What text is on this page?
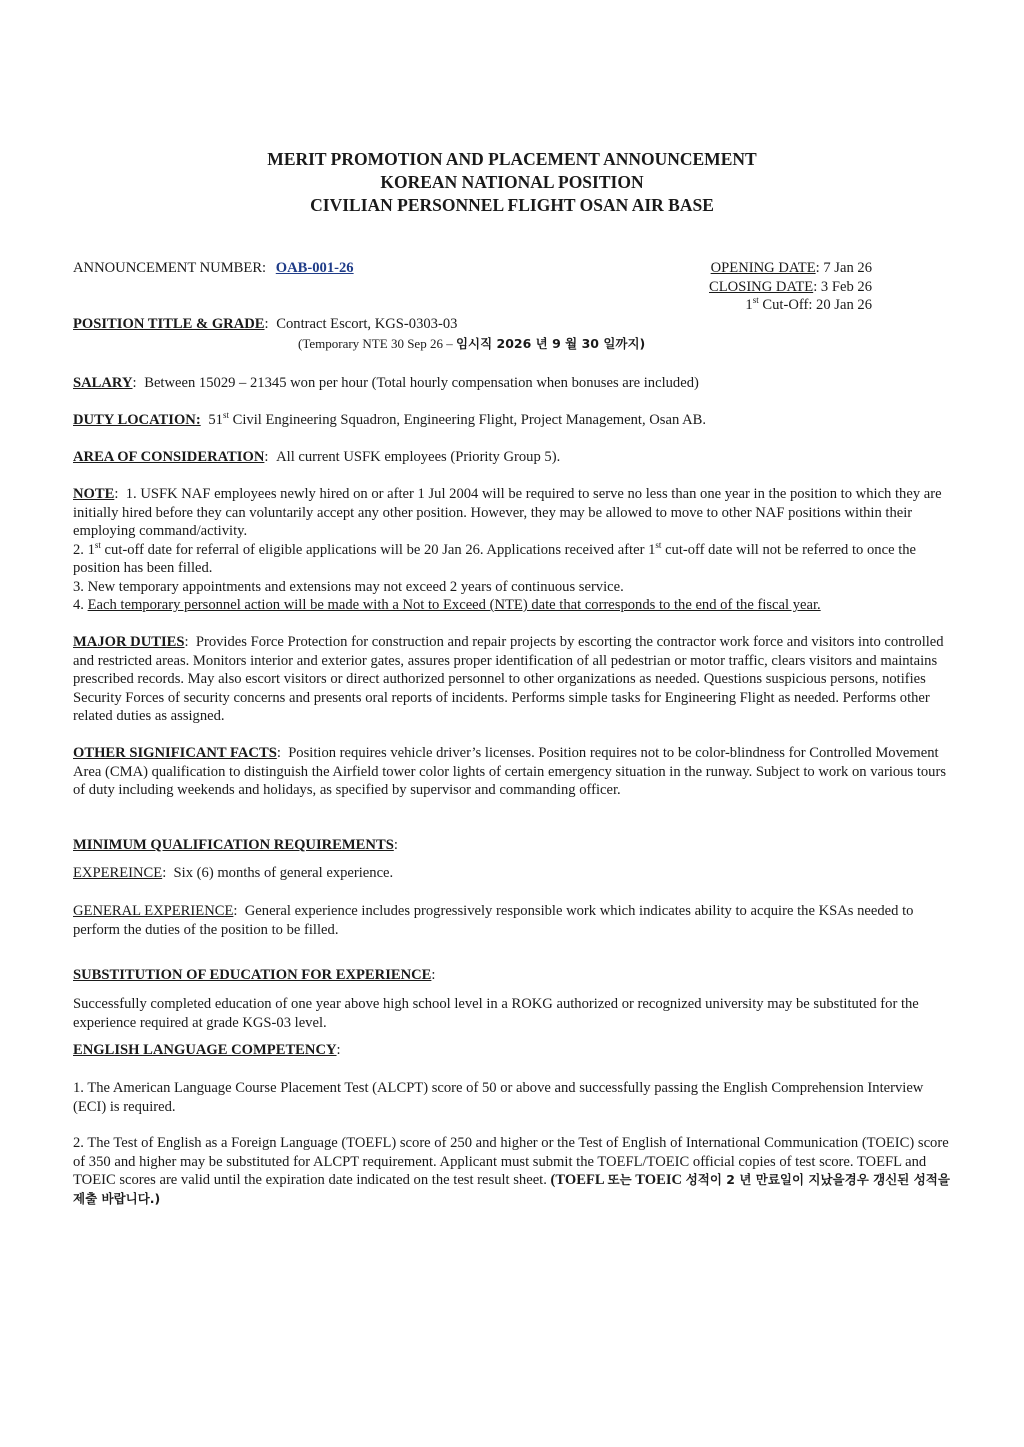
MERIT PROMOTION AND PLACEMENT ANNOUNCEMENT
KOREAN NATIONAL POSITION
CIVILIAN PERSONNEL FLIGHT OSAN AIR BASE
ANNOUNCEMENT NUMBER: OAB-001-26	OPENING DATE: 7 Jan 26
CLOSING DATE: 3 Feb 26
1st Cut-Off: 20 Jan 26
POSITION TITLE & GRADE: Contract Escort, KGS-0303-03
(Temporary NTE 30 Sep 26 – 임시직 2026 년 9 월 30 일까지)
SALARY: Between 15029 – 21345 won per hour (Total hourly compensation when bonuses are included)
DUTY LOCATION: 51st Civil Engineering Squadron, Engineering Flight, Project Management, Osan AB.
AREA OF CONSIDERATION: All current USFK employees (Priority Group 5).

NOTE:  1. USFK NAF employees newly hired on or after 1 Jul 2004 will be required to serve no less than one year in the position to which they are initially hired before they can voluntarily accept any other position. However, they may be allowed to move to other NAF positions within their employing command/activity.

2. 1st cut-off date for referral of eligible applications will be 20 Jan 26. Applications received after 1st cut-off date will not be referred to once the position has been filled.

3. New temporary appointments and extensions may not exceed 2 years of continuous service.

4. Each temporary personnel action will be made with a Not to Exceed (NTE) date that corresponds to the end of the fiscal year.

MAJOR DUTIES:  Provides Force Protection for construction and repair projects by escorting the contractor work force and visitors into controlled and restricted areas. Monitors interior and exterior gates, assures proper identification of all pedestrian or motor traffic, clears visitors and maintains prescribed records. May also escort visitors or direct authorized personnel to other organizations as needed. Questions suspicious persons, notifies Security Forces of security concerns and presents oral reports of incidents. Performs simple tasks for Engineering Flight as needed. Performs other related duties as assigned.

OTHER SIGNIFICANT FACTS:  Position requires vehicle driver’s licenses. Position requires not to be color-blindness for Controlled Movement Area (CMA) qualification to distinguish the Airfield tower color lights of certain emergency situation in the runway. Subject to work on various tours of duty including weekends and holidays, as specified by supervisor and commanding officer.

MINIMUM QUALIFICATION REQUIREMENTS:
EXPEREINCE:  Six (6) months of general experience.

GENERAL EXPERIENCE:  General experience includes progressively responsible work which indicates ability to acquire the KSAs needed to perform the duties of the position to be filled.

SUBSTITUTION OF EDUCATION FOR EXPERIENCE:
Successfully completed education of one year above high school level in a ROKG authorized or recognized university may be substituted for the experience required at grade KGS-03 level.
ENGLISH LANGUAGE COMPETENCY:
1. The American Language Course Placement Test (ALCPT) score of 50 or above and successfully passing the English Comprehension Interview (ECI) is required.
2. The Test of English as a Foreign Language (TOEFL) score of 250 and higher or the Test of English of International Communication (TOEIC) score of 350 and higher may be substituted for ALCPT requirement. Applicant must submit the TOEFL/TOEIC official copies of test score. TOEFL and TOEIC scores are valid until the expiration date indicated on the test result sheet. (TOEFL 또는 TOEIC 성적이 2 년 만료일이 지났을경우 갱신된 성적을 제출 바랍니다.)
